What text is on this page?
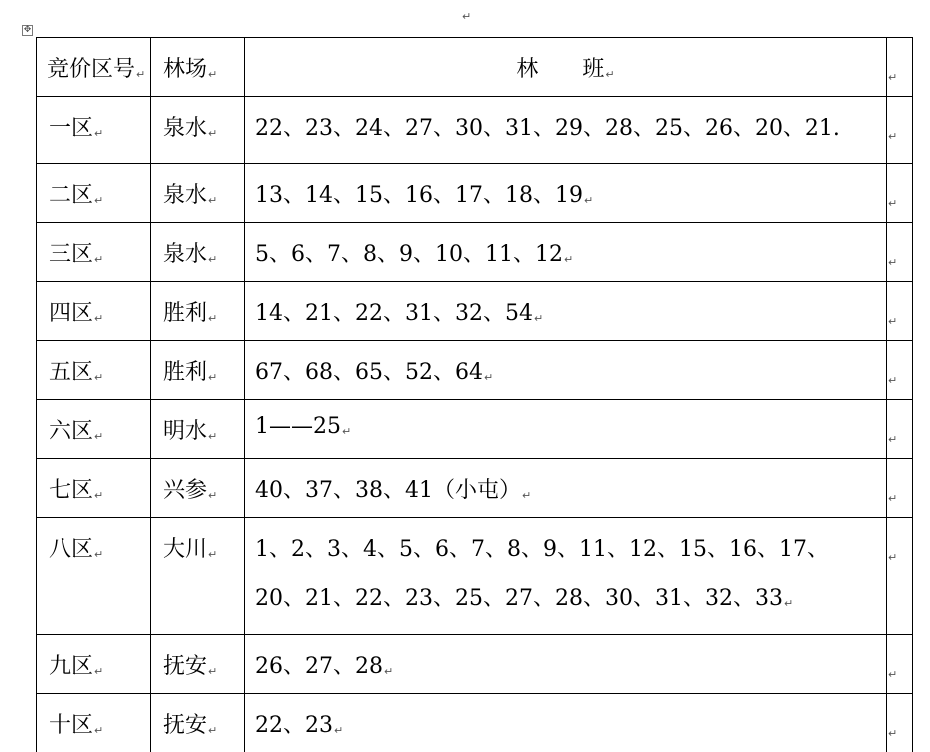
✥
↵
竞价区号↵	林场↵	林　　班↵	↵
一区↵	泉水↵	22、23、24、27、30、31、29、28、25、26、20、21.	↵
二区↵	泉水↵	13、14、15、16、17、18、19↵	↵
三区↵	泉水↵	5、6、7、8、9、10、11、12↵	↵
四区↵	胜利↵	14、21、22、31、32、54↵	↵
五区↵	胜利↵	67、68、65、52、64↵	↵
六区↵	明水↵	1——25↵	↵
七区↵	兴参↵	40、37、38、41（小屯）↵	↵
八区↵	大川↵	1、2、3、4、5、6、7、8、9、11、12、15、16、17、
20、21、22、23、25、27、28、30、31、32、33↵	↵
九区↵	抚安↵	26、27、28↵	↵
十区↵	抚安↵	22、23↵	↵
